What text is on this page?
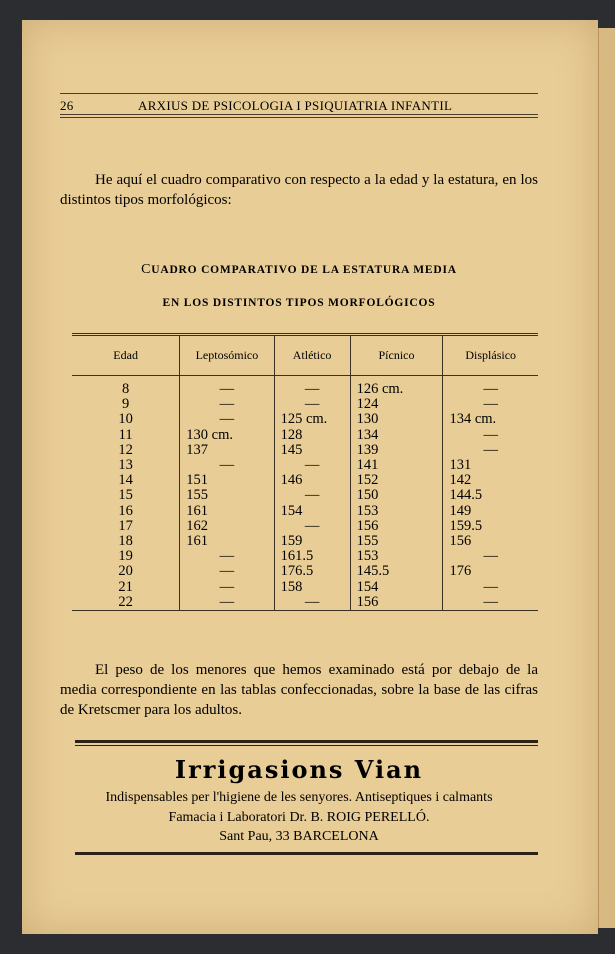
26	ARXIUS DE PSICOLOGIA I PSIQUIATRIA INFANTIL

He aquí el cuadro comparativo con respecto a la edad y la estatura, en los distintos tipos morfológicos:

CUADRO COMPARATIVO DE LA ESTATURA MEDIA
EN LOS DISTINTOS TIPOS MORFOLÓGICOS
Edad	Leptosómico	Atlético	Pícnico	Displásico
8	—	—	126 cm.	—
9	—	—	124	—
10	—	125 cm.	130	134 cm.
11	130 cm.	128	134	—
12	137	145	139	—
13	—	—	141	131
14	151	146	152	142
15	155	—	150	144.5
16	161	154	153	149
17	162	—	156	159.5
18	161	159	155	156
19	—	161.5	153	—
20	—	176.5	145.5	176
21	—	158	154	—
22	—	—	156	—

El peso de los menores que hemos examinado está por debajo de la media correspondiente en las tablas confeccionadas, sobre la base de las cifras de Kretscmer para los adultos.

Irrigasions Vian
Indispensables per l'higiene de les senyores. Antiseptiques i calmants
Famacia i Laboratori Dr. B. ROIG PERELLÓ.
Sant Pau, 33 BARCELONA
